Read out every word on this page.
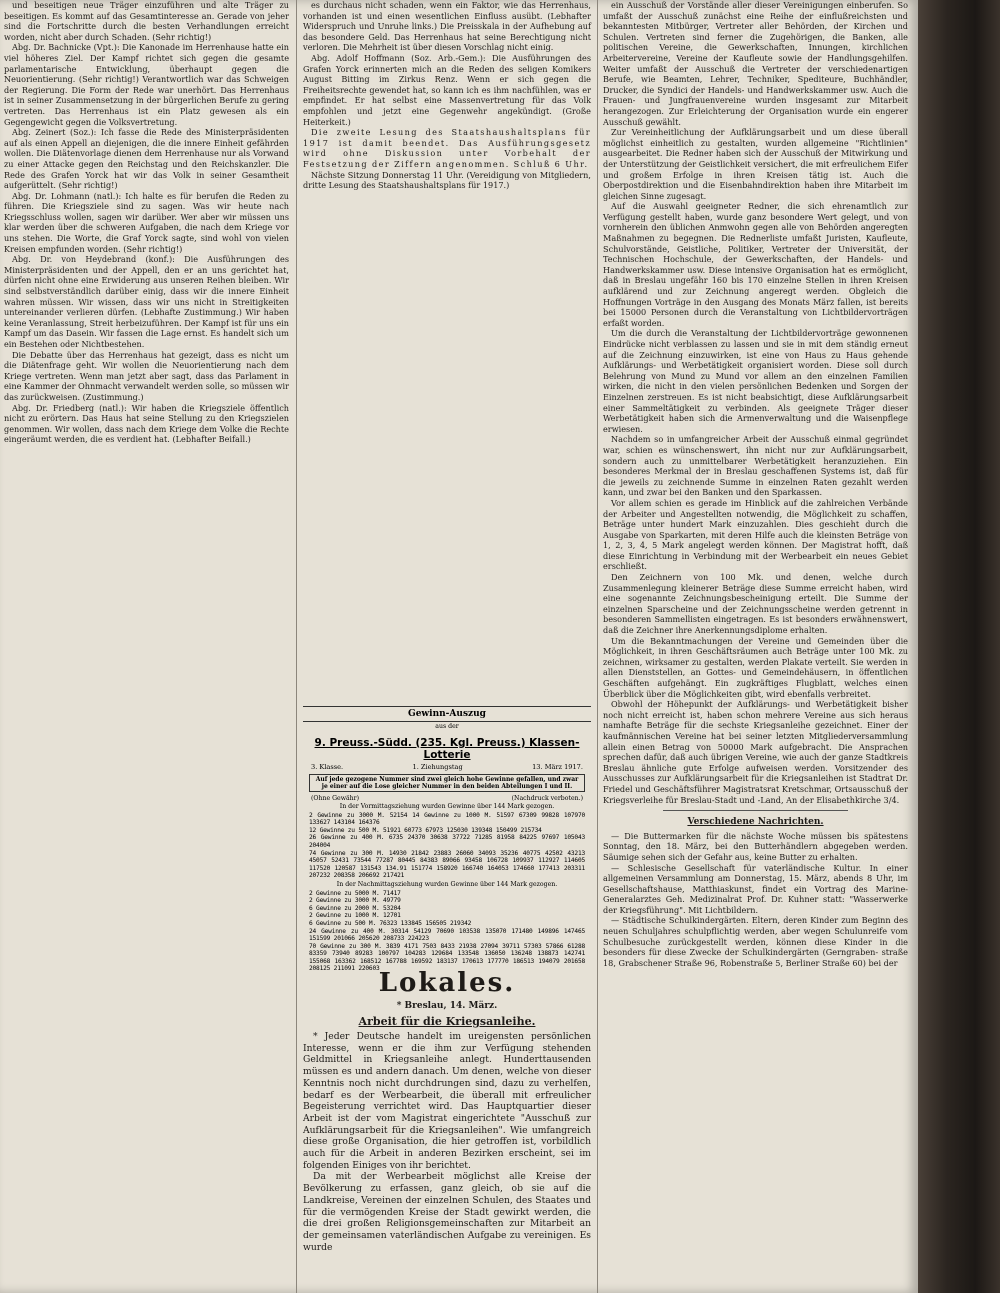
und beseitigen neue Träger einzuführen und alte Träger zu beseitigen. Es kommt auf das Gesamtinteresse an. Gerade von jeher sind die Fortschritte durch die besten Verhandlungen erreicht worden, nicht aber durch Schaden. (Sehr richtig!)

Abg. Dr. Bachnicke (Vpt.): Die Kanonade im Herrenhause hatte ein viel höheres Ziel. Der Kampf richtet sich gegen die gesamte parlamentarische Entwicklung, überhaupt gegen die Neuorientierung. (Sehr richtig!) Verantwortlich war das Schweigen der Regierung. Die Form der Rede war unerhört. Das Herrenhaus ist in seiner Zusammensetzung in der bürgerlichen Berufe zu gering vertreten. Das Herrenhaus ist ein Platz gewesen als ein Gegengewicht gegen die Volksvertretung.

Abg. Zeinert (Soz.): Ich fasse die Rede des Ministerpräsidenten auf als einen Appell an diejenigen, die die innere Einheit gefährden wollen. Die Diätenvorlage dienen dem Herrenhause nur als Vorwand zu einer Attacke gegen den Reichstag und den Reichskanzler. Die Rede des Grafen Yorck hat wir das Volk in seiner Gesamtheit aufgerüttelt. (Sehr richtig!)

Abg. Dr. Lohmann (natl.): Ich halte es für berufen die Reden zu führen. Die Kriegsziele sind zu sagen. Was wir heute nach Kriegsschluss wollen, sagen wir darüber. Wer aber wir müssen uns klar werden über die schweren Aufgaben, die nach dem Kriege vor uns stehen. Die Worte, die Graf Yorck sagte, sind wohl von vielen Kreisen empfunden worden. (Sehr richtig!)

Abg. Dr. von Heydebrand (konf.): Die Ausführungen des Ministerpräsidenten und der Appell, den er an uns gerichtet hat, dürfen nicht ohne eine Erwiderung aus unseren Reihen bleiben. Wir sind selbstverständlich darüber einig, dass wir die innere Einheit wahren müssen. Wir wissen, dass wir uns nicht in Streitigkeiten untereinander verlieren dürfen. (Lebhafte Zustimmung.) Wir haben keine Veranlassung, Streit herbeizuführen. Der Kampf ist für uns ein Kampf um das Dasein. Wir fassen die Lage ernst. Es handelt sich um ein Bestehen oder Nichtbestehen.

Die Debatte über das Herrenhaus hat gezeigt, dass es nicht um die Diätenfrage geht. Wir wollen die Neuorientierung nach dem Kriege vertreten. Wenn man jetzt aber sagt, dass das Parlament in eine Kammer der Ohnmacht verwandelt werden solle, so müssen wir das zurückweisen. (Zustimmung.)

Abg. Dr. Friedberg (natl.): Wir haben die Kriegsziele öffentlich nicht zu erörtern. Das Haus hat seine Stellung zu den Kriegszielen genommen. Wir wollen, dass nach dem Kriege dem Volke die Rechte eingeräumt werden, die es verdient hat. (Lebhafter Beifall.)

es durchaus nicht schaden, wenn ein Faktor, wie das Herrenhaus, vorhanden ist und einen wesentlichen Einfluss ausübt. (Lebhafter Widerspruch und Unruhe links.) Die Preisskala in der Aufhebung auf das besondere Geld. Das Herrenhaus hat seine Berechtigung nicht verloren. Die Mehrheit ist über diesen Vorschlag nicht einig.

Abg. Adolf Hoffmann (Soz. Arb.-Gem.): Die Ausführungen des Grafen Yorck erinnerten mich an die Reden des seligen Komikers August Bitting im Zirkus Renz. Wenn er sich gegen die Freiheitsrechte gewendet hat, so kann ich es ihm nachfühlen, was er empfindet. Er hat selbst eine Massenvertretung für das Volk empfohlen und jetzt eine Gegenwehr angekündigt. (Große Heiterkeit.)

Die zweite Lesung des Staatshaushaltsplans für 1917 ist damit beendet. Das Ausführungsgesetz wird ohne Diskussion unter Vorbehalt der Festsetzung der Ziffern angenommen. Schluß 6 Uhr.

Nächste Sitzung Donnerstag 11 Uhr. (Vereidigung von Mitgliedern, dritte Lesung des Staatshaushaltsplans für 1917.)

Gewinn-Auszug
aus der
9. Preuss.-Südd. (235. Kgl. Preuss.) Klassen-Lotterie
3. Klasse.	1. Ziehungstag	13. März 1917.
Auf jede gezogene Nummer sind zwei gleich hohe Gewinne gefallen, und zwar je einer auf die Lose gleicher Nummer in den beiden Abteilungen I und II.
(Ohne Gewähr)	(Nachdruck verboten.)
In der Vormittagsziehung wurden Gewinne über 144 Mark gezogen.
2 Gewinne zu 3000 M. 52154 14 Gewinne zu 1000 M. 51597 67309 99828 107970 133627 143104 164376
12 Gewinne zu 500 M. 51921 60773 67973 125030 139348 150499 215734
26 Gewinne zu 400 M. 6735 24370 30638 37722 71285 81958 84225 97697 105043 204004
74 Gewinne zu 300 M. 14930 21842 23883 26060 34093 35236 40775 42502 43213 45057 52431 73544 77287 80445 84383 89066 93458 106728 109937 112927 114605 117520 120587 131543 134.91 151774 158920 166740 164053 174660 177413 203311 207232 208358 206692 217421
In der Nachmittagsziehung wurden Gewinne über 144 Mark gezogen.
2 Gewinne zu 5000 M. 71417
2 Gewinne zu 3000 M. 49779
6 Gewinne zu 2000 M. 53204
2 Gewinne zu 1000 M. 12701
6 Gewinne zu 500 M. 76323 133845 156505 219342
24 Gewinne zu 400 M. 30314 54129 70690 103538 135070 171480 149896 147465 151599 201066 205620 208733 224223
70 Gewinne zu 300 M. 3839 4171 7503 8433 21938 27094 39711 57303 57866 61288 83359 73940 89283 100797 104283 129684 133548 136050 136248 138873 142741 155068 163362 168512 167788 169592 183137 170613 177770 186513 194079 201658 208125 211091 220603 Lokales.
* Breslau, 14. März.
Arbeit für die Kriegsanleihe.

* Jeder Deutsche handelt im ureigensten persönlichen Interesse, wenn er die ihm zur Verfügung stehenden Geldmittel in Kriegsanleihe anlegt. Hunderttausenden müssen es und andern danach. Um denen, welche von dieser Kenntnis noch nicht durchdrungen sind, dazu zu verhelfen, bedarf es der Werbearbeit, die überall mit erfreulicher Begeisterung verrichtet wird. Das Hauptquartier dieser Arbeit ist der vom Magistrat eingerichtete "Ausschuß zur Aufklärungsarbeit für die Kriegsanleihen". Wie umfangreich diese große Organisation, die hier getroffen ist, vorbildlich auch für die Arbeit in anderen Bezirken erscheint, sei im folgenden Einiges von ihr berichtet.

Da mit der Werbearbeit möglichst alle Kreise der Bevölkerung zu erfassen, ganz gleich, ob sie auf die Landkreise, Vereinen der einzelnen Schulen, des Staates und für die vermögenden Kreise der Stadt gewirkt werden, die die drei großen Religionsgemeinschaften zur Mitarbeit an der gemeinsamen vaterländischen Aufgabe zu vereinigen. Es wurde

ein Ausschuß der Vorstände aller dieser Vereinigungen einberufen. So umfaßt der Ausschuß zunächst eine Reihe der einflußreichsten und bekanntesten Mitbürger, Vertreter aller Behörden, der Kirchen und Schulen. Vertreten sind ferner die Zugehörigen, die Banken, alle politischen Vereine, die Gewerkschaften, Innungen, kirchlichen Arbeitervereine, Vereine der Kaufleute sowie der Handlungsgehilfen. Weiter umfaßt der Ausschuß die Vertreter der verschiedenartigen Berufe, wie Beamten, Lehrer, Techniker, Spediteure, Buchhändler, Drucker, die Syndici der Handels- und Handwerkskammer usw. Auch die Frauen- und Jungfrauenvereine wurden insgesamt zur Mitarbeit herangezogen. Zur Erleichterung der Organisation wurde ein engerer Ausschuß gewählt.

Zur Vereinheitlichung der Aufklärungsarbeit und um diese überall möglichst einheitlich zu gestalten, wurden allgemeine "Richtlinien" ausgearbeitet. Die Redner haben sich der Ausschuß der Mitwirkung und der Unterstützung der Geistlichkeit versichert, die mit erfreulichem Eifer und großem Erfolge in ihren Kreisen tätig ist. Auch die Oberpostdirektion und die Eisenbahndirektion haben ihre Mitarbeit im gleichen Sinne zugesagt.

Auf die Auswahl geeigneter Redner, die sich ehrenamtlich zur Verfügung gestellt haben, wurde ganz besondere Wert gelegt, und von vornherein den üblichen Anmwohn gegen alle von Behörden angeregten Maßnahmen zu begegnen. Die Rednerliste umfaßt Juristen, Kaufleute, Schulvorstände, Geistliche, Politiker, Vertreter der Universität, der Technischen Hochschule, der Gewerkschaften, der Handels- und Handwerkskammer usw. Diese intensive Organisation hat es ermöglicht, daß in Breslau ungefähr 160 bis 170 einzelne Stellen in ihren Kreisen aufklärend und zur Zeichnung angeregt werden. Obgleich die Hoffnungen Vorträge in den Ausgang des Monats März fallen, ist bereits bei 15000 Personen durch die Veranstaltung von Lichtbildervorträgen erfaßt worden.

Um die durch die Veranstaltung der Lichtbildervorträge gewonnenen Eindrücke nicht verblassen zu lassen und sie in mit dem ständig erneut auf die Zeichnung einzuwirken, ist eine von Haus zu Haus gehende Aufklärungs- und Werbetätigkeit organisiert worden. Diese soll durch Belehrung von Mund zu Mund vor allem an den einzelnen Familien wirken, die nicht in den vielen persönlichen Bedenken und Sorgen der Einzelnen zerstreuen. Es ist nicht beabsichtigt, diese Aufklärungsarbeit einer Sammeltätigkeit zu verbinden. Als geeignete Träger dieser Werbetätigkeit haben sich die Armenverwaltung und die Waisenpflege erwiesen.

Nachdem so in umfangreicher Arbeit der Ausschuß einmal gegründet war, schien es wünschenswert, ihn nicht nur zur Aufklärungsarbeit, sondern auch zu unmittelbarer Werbetätigkeit heranzuziehen. Ein besonderes Merkmal der in Breslau geschaffenen Systems ist, daß für die jeweils zu zeichnende Summe in einzelnen Raten gezahlt werden kann, und zwar bei den Banken und den Sparkassen.

Vor allem schien es gerade im Hinblick auf die zahlreichen Verbände der Arbeiter und Angestellten notwendig, die Möglichkeit zu schaffen, Beträge unter hundert Mark einzuzahlen. Dies geschieht durch die Ausgabe von Sparkarten, mit deren Hilfe auch die kleinsten Beträge von 1, 2, 3, 4, 5 Mark angelegt werden können. Der Magistrat hofft, daß diese Einrichtung in Verbindung mit der Werbearbeit ein neues Gebiet erschließt.

Den Zeichnern von 100 Mk. und denen, welche durch Zusammenlegung kleinerer Beträge diese Summe erreicht haben, wird eine sogenannte Zeichnungsbescheinigung erteilt. Die Summe der einzelnen Sparscheine und der Zeichnungsscheine werden getrennt in besonderen Sammellisten eingetragen. Es ist besonders erwähnenswert, daß die Zeichner ihre Anerkennungsdiplome erhalten.

Um die Bekanntmachungen der Vereine und Gemeinden über die Möglichkeit, in ihren Geschäftsräumen auch Beträge unter 100 Mk. zu zeichnen, wirksamer zu gestalten, werden Plakate verteilt. Sie werden in allen Dienststellen, an Gottes- und Gemeindehäusern, in öffentlichen Geschäften aufgehängt. Ein zugkräftiges Flugblatt, welches einen Überblick über die Möglichkeiten gibt, wird ebenfalls verbreitet.

Obwohl der Höhepunkt der Aufklärungs- und Werbetätigkeit bisher noch nicht erreicht ist, haben schon mehrere Vereine aus sich heraus namhafte Beträge für die sechste Kriegsanleihe gezeichnet. Einer der kaufmännischen Vereine hat bei seiner letzten Mitgliederversammlung allein einen Betrag von 50000 Mark aufgebracht. Die Ansprachen sprechen dafür, daß auch übrigen Vereine, wie auch der ganze Stadtkreis Breslau ähnliche gute Erfolge aufweisen werden. Vorsitzender des Ausschusses zur Aufklärungsarbeit für die Kriegsanleihen ist Stadtrat Dr. Friedel und Geschäftsführer Magistratsrat Kretschmar, Ortsausschuß der Kriegsverleihe für Breslau-Stadt und -Land, An der Elisabethkirche 3/4.

Verschiedene Nachrichten.

— Die Buttermarken für die nächste Woche müssen bis spätestens Sonntag, den 18. März, bei den Butterhändlern abgegeben werden. Säumige sehen sich der Gefahr aus, keine Butter zu erhalten.

— Schlesische Gesellschaft für vaterländische Kultur. In einer allgemeinen Versammlung am Donnerstag, 15. März, abends 8 Uhr, im Gesellschaftshause, Matthiaskunst, findet ein Vortrag des Marine-Generalarztes Geh. Medizinalrat Prof. Dr. Kuhner statt: "Wasserwerke der Kriegsführung". Mit Lichtbildern.

— Städtische Schulkindergärten. Eltern, deren Kinder zum Beginn des neuen Schuljahres schulpflichtig werden, aber wegen Schulunreife vom Schulbesuche zurückgestellt werden, können diese Kinder in die besonders für diese Zwecke der Schulkindergärten (Gerngraben- straße 18, Grabschener Straße 96, Robenstraße 5, Berliner Straße 60) bei der
